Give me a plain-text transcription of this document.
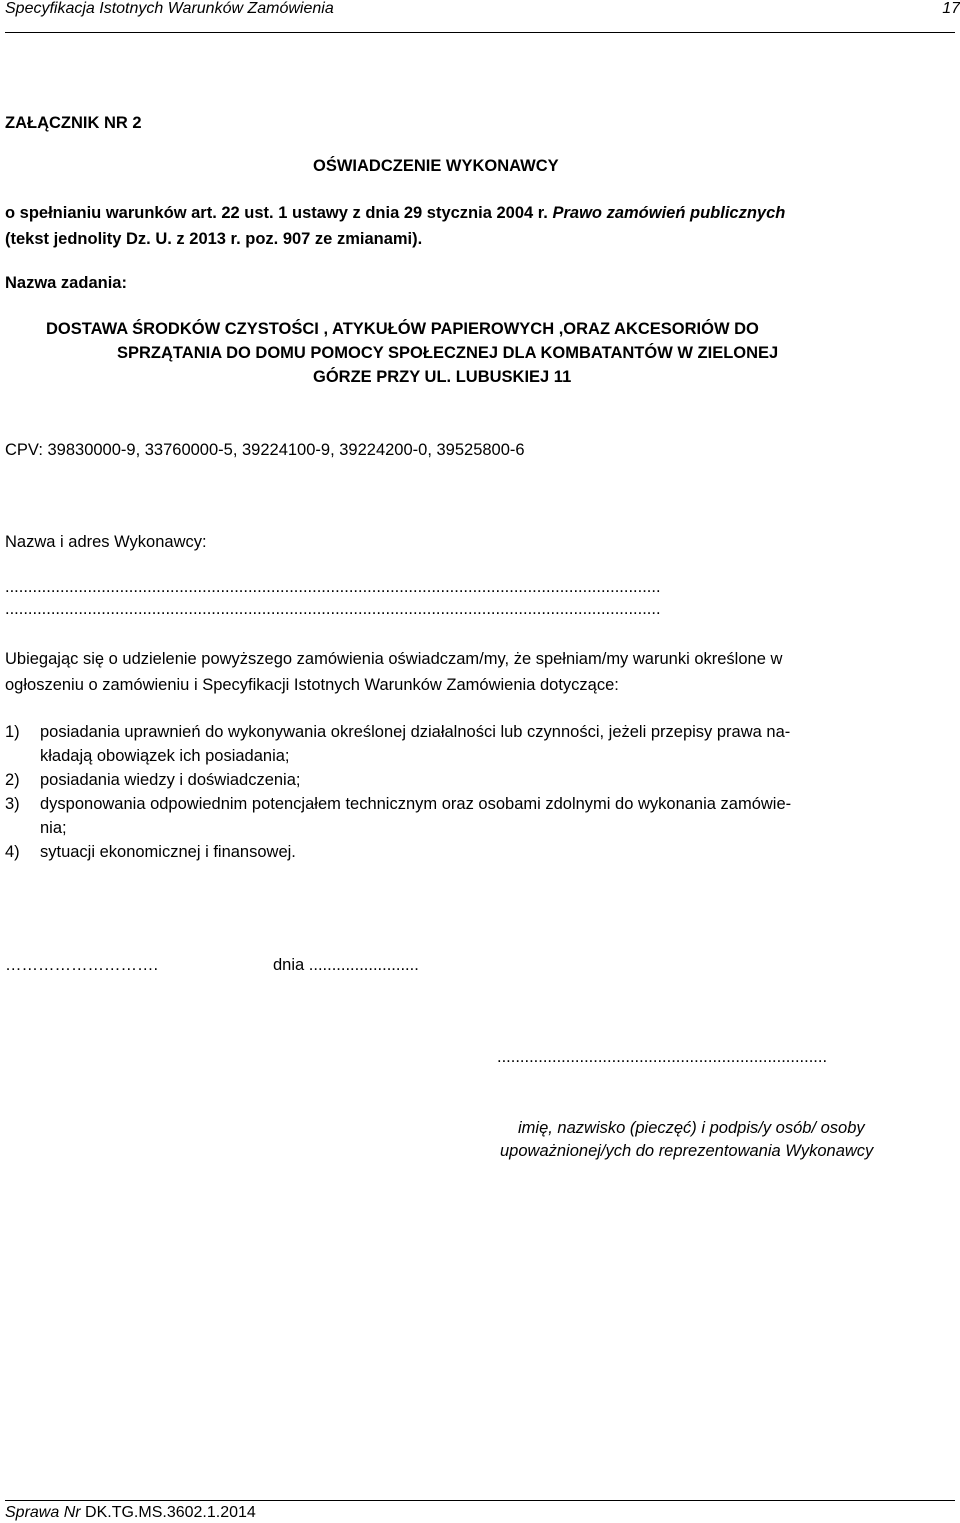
Specyfikacja Istotnych Warunków Zamówienia	17
ZAŁĄCZNIK NR 2
OŚWIADCZENIE WYKONAWCY
o spełnianiu warunków art. 22 ust. 1 ustawy z dnia 29 stycznia 2004 r. Prawo zamówień publicznych
(tekst jednolity Dz. U. z 2013 r. poz. 907 ze zmianami).
Nazwa zadania:
DOSTAWA ŚRODKÓW CZYSTOŚCI , ATYKUŁÓW PAPIEROWYCH ,ORAZ AKCESORIÓW DO
SPRZĄTANIA DO DOMU POMOCY SPOŁECZNEJ DLA KOMBATANTÓW W ZIELONEJ
GÓRZE PRZY UL. LUBUSKIEJ 11
CPV: 39830000-9, 33760000-5, 39224100-9, 39224200-0, 39525800-6
Nazwa i adres Wykonawcy:
...............................................................................................................................................
...............................................................................................................................................
Ubiegając się o udzielenie powyższego zamówienia oświadczam/my, że spełniam/my warunki określone w
ogłoszeniu o zamówieniu i Specyfikacji Istotnych Warunków Zamówienia dotyczące:
1) posiadania uprawnień do wykonywania określonej działalności lub czynności, jeżeli przepisy prawa na-
kładają obowiązek ich posiadania;
2) posiadania wiedzy i doświadczenia;
3) dysponowania odpowiednim potencjałem technicznym oraz osobami zdolnymi do wykonania zamówie-
nia;
4) sytuacji ekonomicznej i finansowej.
……………………….	dnia ........................
........................................................................
imię, nazwisko (pieczęć) i podpis/y osób/ osoby
upoważnionej/ych do reprezentowania Wykonawcy
Sprawa Nr DK.TG.MS.3602.1.2014
